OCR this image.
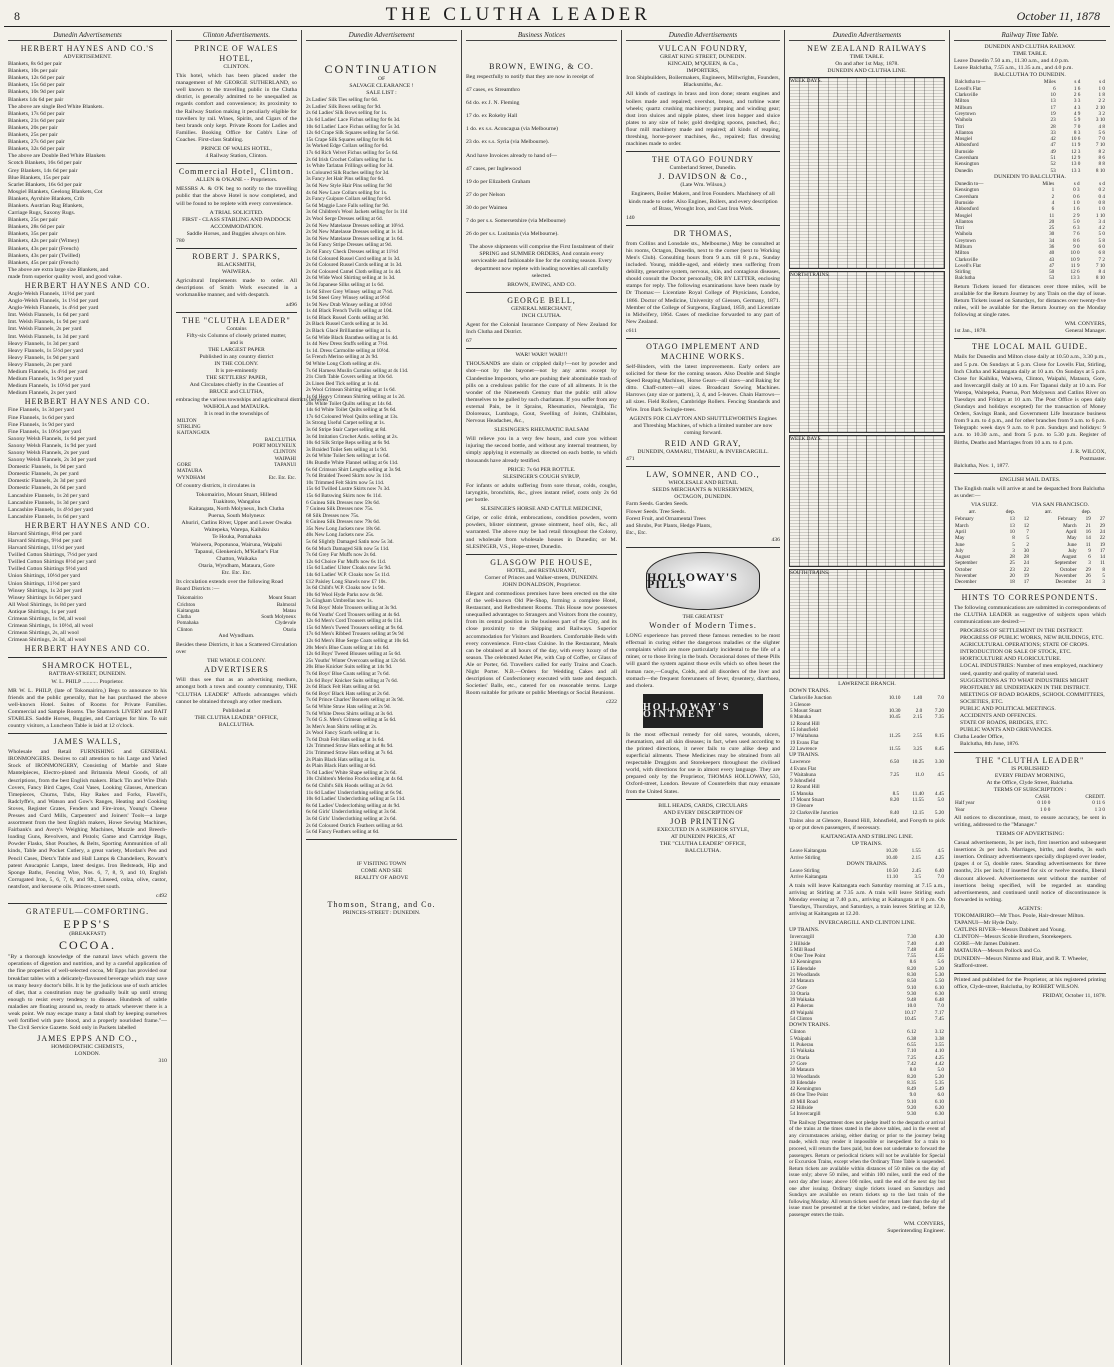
8	THE CLUTHA LEADER	October 11, 1878
Dunedin Advertisements
HERBERT HAYNES AND CO.'S
ADVERTISEMENT.
Blankets, 8s 6d per pair
Blankets, 10s per pair
Blankets, 12s 6d per pair
Blankets, 15s 6d per pair
Blankets, 10s 9d per pair
Blankets 14s 6d per pair
The above are single Bed White Blankets.
Blankets, 17s 6d per pair
Blankets, 21s 6d per pair
Blankets, 20s per pair
Blankets, 25s per pair
Blankets, 27s 6d per pair
Blankets, 32s 6d per pair
The above are Double Bed White Blankets
Scotch Blankets, 16s 6d per pair
Grey Blankets, 14s 6d per pair
Blue Blankets, 15s per pair
Scarlet Blankets, 16s 6d per pair
Mosgiel Blankets, Geelong Blankets, Cot
Blankets, Ayrshire Blankets, Crib
Blankets. Austrian Rug Blankets,
Carriage Rugs, Saxony Rugs.
Blankets, 25s per pair
Blankets, 28s 6d per pair
Blankets, 35s per pair
Blankets, 42s per pair (Witney)
Blankets, 43s per pair (French)
Blankets, 43s per pair (Twilled)
Blankets, 45s per pair (French)
The above are extra large size Blankets, and
made from superior quality wool, and good value.
HERBERT HAYNES AND CO.
Anglo-Welsh Flannels, 11½d per yard
Anglo-Welsh Flannels, 1s 1½d per yard
Anglo-Welsh Flannels, 1s 4½d per yard
Imt. Welsh Flannels, 1s 6d per yard
Imt. Welsh Flannels, 1s 9d per yard
Imt. Welsh Flannels, 2s per yard
Imt. Welsh Flannels, 1s 3d per yard
Heavy Flannels, 1s 3d per yard
Heavy Flannels, 1s 5½d per yard
Heavy Flannels, 1s 9d per yard
Heavy Flannels, 2s per yard
Medium Flannels, 1s 4½d per yard
Medium Flannels, 1s 9d per yard
Medium Flannels, 1s 10½d per yard
Medium Flannels, 2s per yard
HERBERT HAYNES AND CO.
Fine Flannels, 1s 3d per yard
Fine Flannels, 1s 6d per yard
Fine Flannels, 1s 9d per yard
Fine Flannels, 1s 10½d per yard
Saxony Welsh Flannels, 1s 6d per yard
Saxony Welsh Flannels, 1s 9d per yard
Saxony Welsh Flannels, 2s per yard
Saxony Welsh Flannels, 2s 3d per yard
Domestic Flannels, 1s 9d per yard
Domestic Flannels, 2s per yard
Domestic Flannels, 2s 3d per yard
Domestic Flannels, 2s 6d per yard
Lancashire Flannels, 1s 2d per yard
Lancashire Flannels, 1s 3d per yard
Lancashire Flannels, 1s 4½d per yard
Lancashire Flannels, 1s 6d per yard
HERBERT HAYNES AND CO.
Harvard Shirtings, 8½d per yard
Harvard Shirtings, 9½d per yard
Harvard Shirtings, 11½d per yard
Twilled Cotton Shirtings, 7½d per yard
Twilled Cotton Shirtings 8½d per yard
Twilled Cotton Shirtings 9½d yard
Union Shirtings, 10½d per yard
Union Shirtings, 11½d per yard
Winsey Shirtings, 1s 2d per yard
Winsey Shirtings 1s 6d per yard
All Wool Shirtings, 1s 8d per yard
Antique Shirtings, 1s per yard
Crimean Shirtings, 1s 9d, all wool
Crimean Shirtings, 1s 10½d, all wool
Crimean Shirtings, 2s, all wool
Crimean Shirtings, 2s 3d, all wool
HERBERT HAYNES AND CO.
SHAMROCK HOTEL,
RATTRAY-STREET, DUNEDIN.
W. L. PHILP ........... Proprietor.

MR W. L. PHILP, (late of Tokomairiro,) Begs to announce to his friends and the public generally, that he has purchased the above well-known Hotel. Suites of Rooms for Private Families. Commercial and Sample Rooms. The Shamrock LIVERY and BAIT STABLES. Saddle Horses, Buggies, and Carriages for hire. To suit country visitors, a Luncheon Table is laid at 12 o'clock.

JAMES WALLS,

Wholesale and Retail FURNISHING and GENERAL IRONMONGERS. Desires to call attention to his Large and Varied Stock of IRONMONGERY, Consisting of Marble and Slate Mantelpieces, Electro-plated and Britannia Metal Goods, of all descriptions, from the best English makers. Black Tin and Wire Dish Covers, Fancy Bird Cages, Coal Vases, Looking Glasses, American Timepieces, Churns, Tubs, Hay Rakes and Forks, Flavell's, Radclyffe's, and Watson and Gow's Ranges, Heating and Cooking Stoves, Register Grates, Fenders and Fire-irons, Young's Cheese Presses and Curd Mills, Carpenters' and Joiners' Tools—a large assortment from the best English makers, Howe Sewing Machines, Fairbank's and Avery's Weighing Machines, Muzzle and Breech-loading Guns, Revolvers, and Pistols; Game and Cartridge Bags, Powder Flasks, Shot Pouches, & Belts, Sporting Ammunition of all kinds, Table and Pocket Cutlery, a great variety, Mordan's Pen and Pencil Cases, Dietz's Table and Hall Lamps & Chandeliers, Rowatt's patent Anucapnic Lamps, latest designs. Iron Bedsteads, Hip and Sponge Baths, Fencing Wire, Nos. 6, 7, 8, 9, and 10, English Corrugated Iron, 5, 6, 7, 8, and 9ft., Linseed, colza, olive, castor, neatsfoot, and kerosene oils. Princes-street south.

c492
GRATEFUL—COMFORTING.
EPPS'S
(BREAKFAST)
COCOA.

"By a thorough knowledge of the natural laws which govern the operations of digestion and nutrition, and by a careful application of the fine properties of well-selected cocoa, Mr Epps has provided our breakfast tables with a delicately-flavoured beverage which may save us many heavy doctor's bills. It is by the judicious use of such articles of diet, that a constitution may be gradually built up until strong enough to resist every tendency to disease. Hundreds of subtle maladies are floating around us, ready to attack wherever there is a weak point. We may escape many a fatal shaft by keeping ourselves well fortified with pure blood, and a properly nourished frame."—The Civil Service Gazette. Sold only in Packets labelled

JAMES EPPS AND CO.,
HOMŒOPATHIC CHEMISTS,
LONDON.
310
Clinton Advertisements.
PRINCE OF WALES HOTEL,
CLINTON.

This hotel, which has been placed under the management of Mr GEORGE SUTHERLAND, so well known to the travelling public in the Clutha district, is generally admitted to be unequalled as regards comfort and convenience; its proximity to the Railway Station making it peculiarly eligible for travellers by rail. Wines, Spirits, and Cigars of the best brands only kept. Private Room for Ladies and Families. Booking Office for Cobb's Line of Coaches. First-class Stabling.

PRINCE OF WALES HOTEL,
4 Railway Station, Clinton.
Commercial Hotel, Clinton.
ALLEN & O'KANE - - Proprietors.

MESSRS A. & O'K beg to notify to the travelling public that the above Hotel is now completed, and will be found to be replete with every convenience.

A TRIAL SOLICITED.
FIRST - CLASS STABLING AND PADDOCK ACCOMMODATION.
Saddle Horses, and Buggies always on hire.
780
ROBERT J. SPARKS,
BLACKSMITH,
WAIWERA.

Agricultural Implements made to order. All descriptions of Smith Work executed in a workmanlike manner, and with despatch.

a496
THE "CLUTHA LEADER"
Contains
Fifty-six Columns of closely printed matter,
and is
THE LARGEST PAPER
Published in any country district
IN THE COLONY.
It is pre-eminently
THE SETTLERS' PAPER,
And Circulates chiefly in the Counties of
BRUCE and CLUTHA,
embracing the various townships and agricultural districts between
WAIHOLA and MATAURA.
It is read in the townships of
MILTON	
STIRLING	
KAITANGATA	
	BALCLUTHA
	PORT MOLYNEUX
	CLINTON
	WAIPAHI
GORE	TAPANUI
MATAURA	
WYNDHAM	Etc. Etc. Etc.

Of country districts, it circulates in

Tokomairiro, Mount Stuart, Hillend
Tuakitoto, Wangaloa
Kaitangata, North Molyneux, Inch Clutha
Puerua, South Molyneux
Ahuriri, Catlins River, Upper and Lower Owaka
Waitepeka, Warepa, Kaihiku
Te Houka, Pomahaka
Waiwera, Popotunoa, Wairuna, Waipahi
Tapanui, Glenkenich, M'Kellar's Flat
Chatton, Waikaka
Otaria, Wyndham, Mataura, Gore
Etc. Etc. Etc.

Its circulation extends over the following Road Board Districts :—

Tokomairiro	Mount Stuart
Crichton	Balmoral
Kaitangata	Matau
Clutha	South Molyneux
Pomahaka	Clydevale
Clinton	Otaria
And Wyndham.

Besides these Districts, it has a Scattered Circulation over

THE WHOLE COLONY.
ADVERTISERS

Will thus see that as an advertising medium, amongst both a town and country community, THE "CLUTHA LEADER" Affords advantages which cannot be obtained through any other medium.

Published at
THE CLUTHA LEADER" OFFICE,
BALCLUTHA.
Dunedin Advertisement
CONTINUATION
OF
SALVAGE CLEARANCE !
SALE LIST :
2s Ladies' Silk Ties selling for 6d.
2s Ladies' Silk Bows selling for 9d.
2s 6d Ladies' Silk Bows selling for 1s.
12s 6d Ladies' Lace Fichus selling for 6s 3d.
10s 6d Ladies' Lace Fichus selling for 5s 3d.
12s 6d Crape Silk Squares selling for 5s 6d.
15s Crape Silk Squares selling for 8s 6d.
3s Worked Edge Collars selling for 6d.
17s 6d Rich Velvet Fichus selling for 5s 6d.
2s 6d Irish Crochet Collars selling for 1s.
1s White Tarlatan Frillings selling for 3d.
1s Coloured Silk Ruches selling for 3d.
3s Fancy Jet Hair Pins selling for 6d.
3s 6d New Style Hair Pins selling for 9d
4s 6d New Lace Collars selling for 1s.
2s Fancy Guipure Collars selling for 6d.
5s 6d Maggie Lace Falls selling for 9d.
3s 6d Children's Wool Jackets selling for 1s 11d
2s Wool Serge Dresses selling at 6d.
2s 6d New Matelasse Dresses selling at 10½d.
2s 9d New Matelasse Dresses selling at 1s 1d.
3s 6d New Matelasse Dresses selling at 1s 6d.
3s 6d Fancy Stripe Dresses selling at 9d.
2s 6d Fancy Check Dresses selling at 11½d
1s 6d Coloured Russel Cord selling at 1s 3d.
2s 6d Coloured Russel Cords selling at 1s 3d.
2s 6d Coloured Camel Cloth selling at 1s 4d.
2s 6d Wide Wool Shirting selling at 1s 3d.
3s 6d Japanese Silks selling at 1s 6d.
1s 6d Silver Grey Winsey selling at 7½d.
1s 9d Steel Grey Winsey selling at 9½d
1s 9d New Drab Winsey selling at 10½d
1s 4d Black French Twills selling at 10d.
1s 6d Black Russel Cords selling at 9d.
2s Black Russel Cords selling at 1s 3d.
2s Black Glacé Brilliantine selling at 1s.
5s 6d Wide Black Barathea selling at 1s 4d.
1s 4d New Dress Stuffs selling at 7½d.
1s 1d. Dress Carmolite selling at 10½d.
5s French Merino selling at 2s 9d.
9d White Long Cloth selling at 4¼.
7s 6d Harness Muslin Curtains selling at 4s 11d.
21s Cloth Table Covers selling at 10s 6d.
2s Linen Bed Tick selling at 1s 4d.
2s Wool Crimean Shirting selling at 1s 6d.
1s 6d Heavy Crimean Shirting selling at 1s 2d.
20s White Toilet Quilts selling at 14s 6d.
14s 6d White Toilet Quilts selling at 9s 6d.
17s 6d Coloured Wool Quilts selling at 13s.
3s Strong Useful Carpet selling at 1s.
3s 6d Stripe Stair Carpet selling at 8d.
3s 6d Imitation Crochet Antis. selling at 2s.
10s 6d Silk Stripe Reps selling at 6s 9d.
3s Braided Toilet Sets selling at 1s 9d.
2s 6d White Toilet Sets selling at 1s 6d.
18s Bundle White Flannel selling at 6s 11d.
6s 6d Crimson Shirt Lengths selling at 3s 9d.
7s 6d Braided Tweed Skirts now 3s 11d.
10s Trimmed Felt Skirts now 5s 11d.
15s 6d Twilled Lustre Skirts now 7s 3d.
15s 6d Batswing Skirts now 6s 11d.
6 Guinea Silk Dresses now 59s 6d.
7 Guinea Silk Dresses now 75s.
68 Silk Dresses now 75s.
8 Guinea Silk Dresses now 79s 6d.
35s New Long Jackets now 18s 6d.
40s New Long Jackets now 25s.
5s 6d Slightly Damaged Satin now 5s 3d.
6s 6d Much Damaged Silk now 5s 11d.
7s 6d Grey Fur Muffs now 2s 6d.
12s 6d Choice Fur Muffs now 6s 11d.
15s 6d Ladies' Ulster Cloaks now 5s 9d.
14s 6d Ladies' W.P. Cloaks now 5s 11d.
£12 Paisley Long Shawls now £7 10s.
3s 6d Child's W.P. Cloaks now 1s 9d.
10s 6d Wool Hyde Parks now 4s 9d.
3s Gingham Umbrellas now 1s.
7s 6d Boys' Mole Trousers selling at 3s 9d.
8s 6d Youths' Cord Trousers selling at 4s 6d.
12s 6d Men's Cord Trousers selling at 6s 11d.
15s 6d Men's Tweed Trousers selling at 9s 6d.
17s 6d Men's Ribbed Trousers selling at 9s 9d
12s 6d Men's Blue Serge Coats selling at 10s 6d.
20s Men's Blue Coats selling at 14s 6d.
12s 6d Boys' Tweed Blouses selling at 5s 6d.
25s Youths' Winter Overcoats selling at 12s 6d.
20s Blue Knicker Suits selling at 14s 9d.
7s 6d Boys' Blue Coats selling at 7s 6d.
12s 6d Boys' Knicker Suits selling at 7s 6d.
2s 6d Black Felt Hats selling at 6d.
6s 6d Boys' Black Hats selling at 2s 6d.
7s 6d Prince Charles' Bonnets selling at 3s 9d.
5s 6d White Straw Hats selling at 2s 9d.
7s 6d White Dress Shirts selling at 3s 6d.
7s 6d G.S. Men's Crimean selling at 5s 6d.
3s Men's Jean Shirts selling at 2s.
2s Wool Fancy Scarfs selling at 1s.
7s 6d Drab Felt Hats selling at 1s 6d.
12s Trimmed Straw Hats selling at 8s 9d.
21s Trimmed Straw Hats selling at 7s 6d.
2s Plain Black Hats selling at 1s.
4s Plain Black Hats selling at 6d.
7s 6d Ladies' White Shape selling at 2s 6d.
10s Children's Merino Frocks selling at 4s 6d.
6s 6d Child's Silk Hoods selling at 2s 6d.
11s 6d Ladies' Underclothing selling at 6s 9d.
10s 6d Ladies' Underclothing selling at 5s 11d.
8s 6d Ladies' Underclothing selling at 4s 9d.
6s 6d Girls' Underclothing selling at 3s 6d.
3s 6d Girls' Underclothing selling at 2s 6d.
2s 6d Coloured Ostrich Feathers selling at 6d.
5s 6d Fancy Feathers selling at 6d.
IF VISITING TOWN
COME AND SEE
REALITY OF ABOVE
Thomson, Strang, and Co.
PRINCES-STREET : DUNEDIN.
Business Notices
BROWN, EWING, & CO.

Beg respectfully to notify that they are now in receipt of

47 cases, ex Streamthro
64 do. ex J. N. Fleming
17 do. ex Rokeby Hall
1 do. ex s.s. Aconcagua (via Melbourne)
23 do. ex s.s. Syria (via Melbourne).

And have Invoices already to hand of—

47 cases, per Inglewood
19 do per Elizabeth Graham
27 do per Nelson
30 do per Waimea
7 do per s.s. Somersetshire (via Melbourne)
26 do per s.s. Lusitania (via Melbourne).

The above shipments will comprise the First Instalment of their SPRING and SUMMER ORDERS, And contain every serviceable and fashionable line for the coming season. Every department now replete with leading novelties all carefully selected.

BROWN, EWING, AND CO.
GEORGE BELL,
GENERAL MERCHANT,
INCH CLUTHA.

Agent for the Colonial Insurance Company of New Zealand for Inch Clutha and District.

67
WAR! WAR!! WAR!!!

THOUSANDS are slain or crippled daily!—not by powder and shot—not by the bayonet—not by any arms except by Clandestine Impostors, who are pushing their abominable trash of pills on a credulous public for the cure of all ailments. It is the wonder of the Nineteenth Century that the public still allow themselves to be gulled by such charlatans. If you suffer from any external Pain, be it Sprains, Rheumatics, Neuralgia, Tic Doloreaux, Lumbago, Gout, Swelling of Joints, Chilblains, Nervous Headaches, &c.,

SLESINGER'S RHEUMATIC BALSAM

Will relieve you in a very few hours, and cure you without injuring the second bottle, and without any internal treatment, by simply applying it externally as directed on each bottle, to which thousands have already testified.

PRICE: 7s 6d PER BOTTLE.
SLESINGER'S COUGH SYRUP,

For infants or adults suffering from sore throat, colds, coughs, laryngitis, bronchitis, &c., gives instant relief, costs only 2s 6d per bottle.

SLESINGER'S HORSE AND CATTLE MEDICINE,

Gripe, or colic drink, embrocations, condition powders, worm powders, blister ointment, grease ointment, hoof oils, &c., all warranted. The above may be had retail throughout the Colony, and wholesale from wholesale houses in Dunedin; or M. SLESINGER, V.S., Hope-street, Dunedin.

GLASGOW PIE HOUSE,
HOTEL, and RESTAURANT,
Corner of Princes and Walker-streets, DUNEDIN.
JOHN DONALDSON, Proprietor.

Elegant and commodious premises have been erected on the site of the well-known Old Pie-Shop, forming a complete Hotel, Restaurant, and Refreshment Rooms. This House now possesses unequalled advantages to Strangers and Visitors from the country, from its central position in the business part of the City, and its close proximity to the Shipping and Railways. Superior accommodation for Visitors and Boarders. Comfortable Beds with every convenience. First-class Cuisine. In the Restaurant, Meals can be obtained at all hours of the day, with every luxury of the season. The celebrated Ashet Pie, with Cup of Coffee, or Glass of Ale or Porter, 6d. Travellers called for early Trains and Coach. Night Porter. N.B.—Orders for Wedding Cakes and all descriptions of Confectionery executed with taste and despatch. Societies' Balls, etc., catered for on reasonable terms. Large Room suitable for private or public Meetings or Social Reunions.

c222
Dunedin Advertisements
VULCAN FOUNDRY,
GREAT KING STREET, DUNEDIN.
KINCAID, M'QUEEN, & Co.,
IMPORTERS,
Iron Shipbuilders, Boilermakers, Engineers, Millwrights, Founders, Blacksmiths, &c.

All kinds of castings in brass and iron done; steam engines and boilers made and repaired; overshot, breast, and turbine water wheels; quartz crushing machinery; pumping and winding gear; dust iron sluices and nipple plates, sheet iron hopper and sluice plates to any size of hole; gold dredging spoons, punched, &c.; flour mill machinery made and repaired; all kinds of reaping, threshing, horse-power machines, &c., repaired; flax dressing machines made to order.

THE OTAGO FOUNDRY
Cumberland Street, Dunedin.
J. DAVIDSON & Co.,
(Late Wm. Wilson,)

Engineers, Boiler Makers, and Iron Founders. Machinery of all kinds made to order. Also Engines, Boilers, and every description of Brass, Wrought Iron, and Cast Iron Work.

140
DR THOMAS,

from Collins and Lonsdale sts., Melbourne,) May be consulted at his rooms, Octagon, Dunedin, next to the corner (next to Working Men's Club). Consulting hours from 9 a.m. till 8 p.m., Sunday included. Young, middle-aged, and elderly men suffering from debility, generative system, nervous, skin, and contagious diseases, should consult the Doctor personally, OR BY LETTER, enclosing stamps for reply. The following examinations have been made by Dr Thomas:— Licentiate Royal College of Physicians, London, 1866. Doctor of Medicine, University of Giessen, Germany, 1871. Member of the College of Surgeons, England, 1859, and Licentiate in Midwifery, 1864. Cases of medicine forwarded to any part of New Zealand.

c611
OTAGO IMPLEMENT AND MACHINE WORKS.

Self-Binders, with the latest improvements. Early orders are solicited for these for the coming season. Also Double and Single Speed Reaping Machines, Horse Gears—all sizes—and Baking for ditto. Chaff-cutters—all sizes. Broadcast Sowing Machines. Harrows (any size or pattern), 3, 4, and 5-leaves. Chain Harrows—all sizes. Field Rollers, Cambridge Rollers. Fencing Standards and Wire. Iron Bark Swingle-trees.

AGENTS FOR CLAYTON AND SHUTTLEWORTH'S Engines and Threshing Machines, of which a limited number are now coming forward.

REID AND GRAY,
DUNEDIN, OAMARU, TIMARU, & INVERCARGILL.
471
LAW, SOMNER, AND CO.,
WHOLESALE AND RETAIL
SEEDS MERCHANTS & NURSERYMEN,
OCTAGON, DUNEDIN.
Farm Seeds. Garden Seeds.
Flower Seeds. Tree Seeds.
Forest Fruit, and Ornamental Trees
and Shrubs, Pot Plants, Hedge Plants,
Etc., Etc.
436
HOLLOWAY'S PILLS
THE GREATEST
Wonder of Modern Times.

LONG experience has proved these famous remedies to be most effectual in curing either the dangerous maladies or the slighter complaints which are more particularly incidental to the life of a miner, or to those living in the bush. Occasional doses of these Pills will guard the system against those evils which so often beset the human race,—Coughs, Colds, and all disorders of the liver and stomach—the frequent forerunners of fever, dysentery, diarrhoea, and cholera.

HOLLOWAY'S OINTMENT

Is the most effectual remedy for old sores, wounds, ulcers, rheumatism, and all skin diseases; in fact, when used according to the printed directions, it never fails to cure alike deep and superficial ailments. These Medicines may be obtained from all respectable Druggists and Storekeepers throughout the civilised world, with directions for use in almost every language. They are prepared only by the Proprietor, THOMAS HOLLOWAY, 533, Oxford-street, London. Beware of Counterfeits that may emanate from the United States.

BILL HEADS, CARDS, CIRCULARS
AND EVERY DESCRIPTION OF
JOB PRINTING
EXECUTED IN A SUPERIOR STYLE,
AT DUNEDIN PRICES, AT
THE "CLUTHA LEADER" OFFICE,
BALCLUTHA.
Dunedin Advertisements
NEW ZEALAND RAILWAYS
TIME TABLE.
On and after 1st May, 1878.
DUNEDIN AND CLUTHA LINE.
WEEK DAYS.
NORTH TRAINS.
WEEK DAYS.
SOUTH TRAINS.
LAWRENCE BRANCH.
DOWN TRAINS.
Clarksville Junction	10.10	1.40	7.0
3 Glenore			
5 Mount Stuart	10.30	2.0	7.20
8 Manuka	10.45	2.15	7.35
12 Round Hill			
15 Johnsfield			
17 Waitahuna	11.25	2.55	8.15
19 Evans Flat			
22 Lawrence	11.55	3.25	8.45
UP TRAINS.
Lawrence	6.50	10.25	3.30
4 Evans Flat			
7 Waitahuna	7.25	11.0	4.5
9 Johnsfield			
12 Round Hill			
15 Manuka	8.5	11.40	4.45
17 Mount Stuart	8.20	11.55	5.0
19 Glenore			
22 Clarksville Junction	8.40	12.15	5.20

Trains also at Glenore, Round Hill, Johnsfield, and Forsyth to pick up or put down passengers, if necessary.

KAITANGATA AND STIRLING LINE.
UP TRAINS.
Leave Kaitangata	10.20	1.55	4.5
Arrive Stirling	10.40	2.15	4.25
DOWN TRAINS.
Leave Stirling	10.50	2.45	6.40
Arrive Kaitangata	11.10	3.5	7.0

A train will leave Kaitangata each Saturday morning at 7.15 a.m., arriving at Stirling at 7.35 a.m. A train will leave Stirling each Monday evening at 7.40 p.m., arriving at Kaitangata at 8 p.m. On Tuesdays, Thursdays, and Saturdays, a train leaves Stirling at 12.0, arriving at Kaitangata at 12.20.

INVERCARGILL AND CLINTON LINE.
UP TRAINS.
Invercargill	7.30	4.30
2 Hillside	7.40	4.40
5 Mill Road	7.48	4.48
8 One Tree Point	7.55	4.55
12 Kennington	8.6	5.6
15 Edendale	8.20	5.20
21 Woodlands	8.30	5.30
24 Mataura	8.50	5.50
27 Gore	9.10	6.10
33 Otaria	9.30	6.30
39 Waikaka	9.48	6.48
43 Pukerau	10.0	7.0
49 Waipahi	10.17	7.17
54 Clinton	10.45	7.45
DOWN TRAINS.
Clinton	6.12	3.12
5 Waipahi	6.38	3.38
11 Pukerau	6.55	3.55
15 Waikaka	7.10	4.10
21 Otaria	7.25	4.25
27 Gore	7.42	4.42
30 Mataura	8.0	5.0
33 Woodlands	8.20	5.20
39 Edendale	8.35	5.35
42 Kennington	8.49	5.49
46 One Tree Point	9.0	6.0
49 Mill Road	9.10	6.10
52 Hillside	9.20	6.20
54 Invercargill	9.30	6.30

The Railway Department does not pledge itself to the despatch or arrival of the trains at the times stated in the above tables, and in the event of any circumstances arising, either during or prior to the journey being made, which may render it impossible or inexpedient for a train to proceed, will return the fares paid, but does not undertake to forward the passengers. Return or periodical tickets will not be available for Special or Excursion Trains, except when the Ordinary Time Table is suspended. Return tickets are available within distances of 50 miles on the day of issue only; above 50 miles, and within 100 miles, until the end of the next day after issue; above 100 miles, until the end of the next day but one after issuing. Ordinary single tickets issued on Saturdays and Sundays are available on return tickets up to the last train of the following Monday. All return tickets used for return later than the day of issue must be presented at the ticket window, and re-dated, before the passenger enters the train.

WM. CONYERS,
Superintending Engineer.
Railway Time Table.
DUNEDIN AND CLUTHA RAILWAY.
TIME TABLE.
Leave Dunedin 7.50 a.m., 11.30 a.m., and 4.0 p.m.
Leave Balclutha, 7.55 a.m., 11.35 a.m., and 4.0 p.m.
BALCLUTHA TO DUNEDIN.
Balclutha to—	Miles	s d	s d
Lovell's Flat	6	1 6	1 0
Clarksville	10	2 6	1 8
Milton	13	3 3	2 2
Milburn	17	4 3	2 10
Greytown	19	4 9	3 2
Waihola	23	5 9	3 10
Titri	28	7 0	4 8
Allanton	33	8 3	5 6
Mosgiel	42	10 6	7 0
Abbotsford	47	11 9	7 10
Burnside	49	12 3	8 2
Caversham	51	12 9	8 6
Kensington	52	13 0	8 8
Dunedin	53	13 3	8 10
DUNEDIN TO BALCLUTHA.
Dunedin to—	Miles	s d	s d
Kensington	1	0 3	0 2
Caversham	2	0 6	0 4
Burnside	4	1 0	0 8
Abbotsford	6	1 6	1 0
Mosgiel	11	2 9	1 10
Allanton	20	5 0	3 4
Titri	25	6 3	4 2
Waihola	30	7 6	5 0
Greytown	34	8 6	5 8
Milburn	36	9 0	6 0
Milton	40	10 0	6 8
Clarksville	43	10 9	7 2
Lovell's Flat	47	11 9	7 10
Stirling	50	12 6	8 4
Balclutha	53	13 3	8 10

Return Tickets issued for distances over three miles, will be available for the Return Journey by any Train on the day of issue. Return Tickets issued on Saturdays, for distances over twenty-five miles, will be available for the Return Journey on the Monday following at single rates.

WM. CONYERS,
1st Jan., 1878.	General Manager.
THE LOCAL MAIL GUIDE.

Mails for Dunedin and Milton close daily at 10.50 a.m., 3.30 p.m., and 5 p.m. On Sundays at 5 p.m. Close for Lovells Flat, Stirling, Inch Clutha and Kaitangata daily at 10 a.m. On Sundays at 5 p.m. Close for Kaihiku, Waiwera, Clinton, Waipahi, Mataura, Gore, and Invercargill daily at 10 a.m. For Tapanui daily at 10 a.m. For Warepa, Waitepeka, Puerua, Port Molyneux and Catlins River on Tuesdays and Fridays at 10 a.m. The Post Office is open daily (Sundays and holidays excepted) for the transaction of Money Orders, Savings Bank, and Government Life Insurance business from 9 a.m. to 4 p.m., and for other branches from 9 a.m. to 6 p.m. Telegraph: week days 9 a.m. to 8 p.m. Sundays and holidays: 9 a.m. to 10.30 a.m., and from 5 p.m. to 5.30 p.m. Register of Births, Deaths and Marriages from 10 a.m. to 4 p.m.

J. R. WILCOX,
Postmaster.
Balclutha, Nov. 1, 1877.
ENGLISH MAIL DATES.

The English mails will arrive at and be despatched from Balclutha as under:—

VIA SUEZ.	VIA SAN FRANCISCO.
arr.	dep.	arr.	dep.
February	13	12	February	19	27
March	13	12	March	21	29
April	10	7	April	16	24
May	8	5	May	14	22
June	5	2	June	11	19
July	3	30	July	9	17
August	28	28	August	6	14
September	25	24	September	3	11
October	23	22	October	29	8
November	20	19	November	26	5
December	18	17	December	24	3
HINTS TO CORRESPONDENTS.

The following communications are submitted in correspondents of the CLUTHA LEADER as suggestive of subjects upon which communications are desired:—

PROGRESS OF SETTLEMENT IN THE DISTRICT.
PROGRESS OF PUBLIC WORKS, NEW BUILDINGS, ETC.
AGRICULTURAL OPERATIONS; STATE OF CROPS.
INTRODUCTION OR SALE OF STOCK, ETC.
HORTICULTURE AND FLORICULTURE.
LOCAL INDUSTRIES: Number of men employed, machinery used, quantity and quality of material used.
SUGGESTIONS AS TO WHAT INDUSTRIES MIGHT PROFITABLY BE UNDERTAKEN IN THE DISTRICT.
MEETINGS OF ROAD BOARDS, SCHOOL COMMITTEES, SOCIETIES, ETC.
PUBLIC AND POLITICAL MEETINGS.
ACCIDENTS AND OFFENCES.
STATE OF ROADS, BRIDGES, ETC.
PUBLIC WANTS AND GRIEVANCES.
Clutha Leader Office,
Balclutha, 8th June, 1876.
THE "CLUTHA LEADER"
IS PUBLISHED
EVERY FRIDAY MORNING,
At the Office, Clyde Street, Balclutha.
TERMS OF SUBSCRIPTION :
	CASH.	CREDIT.
Half year	0 10 0	0 11 6
Year	1 0 0	1 3 0

All notices to discontinue, must, to ensure accuracy, be sent in writing, addressed to the "Manager."

TERMS OF ADVERTISING:

Casual advertisements, 3s per inch, first insertion and subsequent insertions 2s per inch. Marriages, births, and deaths, 3s each insertion. Ordinary advertisements specially displayed over leader, (pages 4 or 5), double rates. Standing advertisements for three months, 21s per inch; if inserted for six or twelve months, liberal discount allowed. Advertisements sent without the number of insertions being specified, will be regarded as standing advertisements, and continued until notice of discontinuance is forwarded in writing.

AGENTS:
TOKOMAIRIRO—Mr Thos. Poole, Hair-dresser Milton.
TAPANUI—Mr Hyde Daly.
CATLINS RIVER—Messrs Dabinett and Young.
CLINTON—Messrs Scobie Brothers, Storekeepers.
GORE—Mr James Dabinett.
MATAURA—Messrs Pollock and Co.
DUNEDIN—Messrs Nimmo and Blair, and R. T. Wheeler, Stafford-street.

Printed and published for the Proprietor, at his registered printing office, Clyde-street, Balclutha, by ROBERT WILSON.

FRIDAY, October 11, 1878.
